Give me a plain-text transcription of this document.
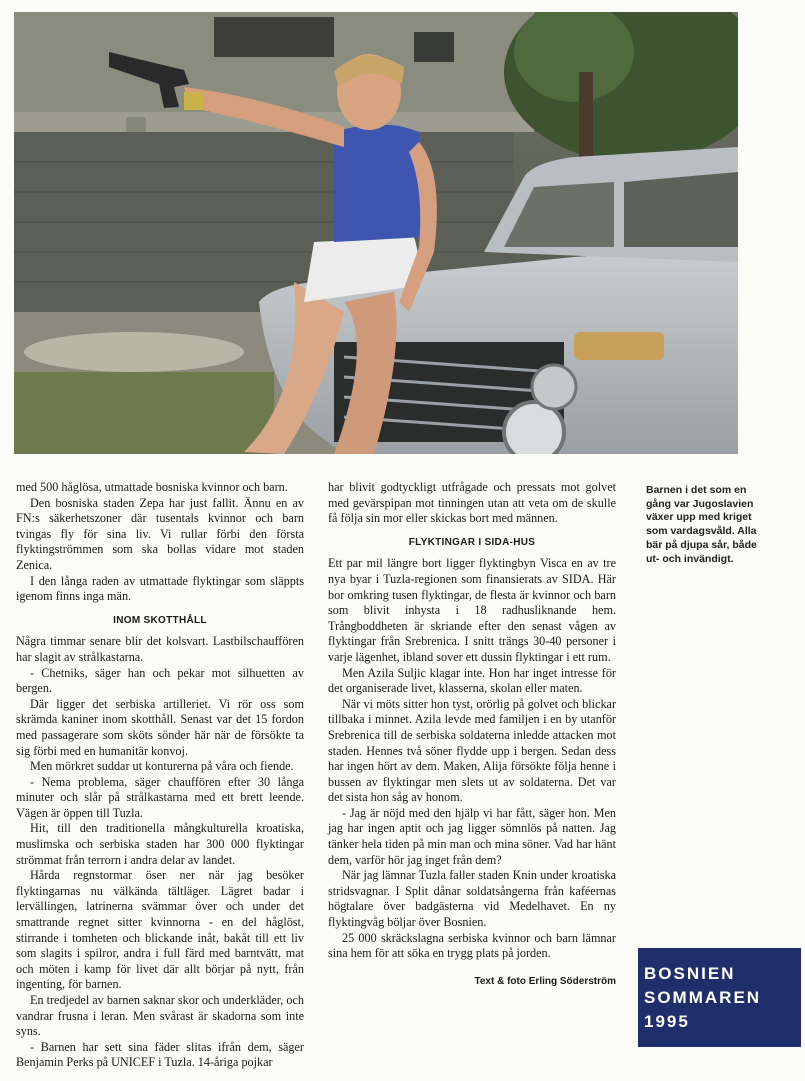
med 500 håglösa, utmattade bosniska kvinnor och barn.

Den bosniska staden Zepa har just fallit. Ännu en av FN:s säkerhetszoner där tusentals kvinnor och barn tvingas fly för sina liv. Vi rullar förbi den första flyktingströmmen som ska bollas vidare mot staden Zenica.

I den långa raden av utmattade flyktingar som släppts igenom finns inga män.

INOM SKOTTHÅLL

Några timmar senare blir det kolsvart. Lastbilschauffören har slagit av strålkastarna.

- Chetniks, säger han och pekar mot silhuetten av bergen.

Där ligger det serbiska artilleriet. Vi rör oss som skrämda kaniner inom skotthåll. Senast var det 15 fordon med passagerare som sköts sönder här när de försökte ta sig förbi med en humanitär konvoj.

Men mörkret suddar ut konturerna på våra och fiende.

- Nema problema, säger chauffören efter 30 långa minuter och slår på strålkastarna med ett brett leende. Vägen är öppen till Tuzla.

Hit, till den traditionella mångkulturella kroatiska, muslimska och serbiska staden har 300 000 flyktingar strömmat från terrorn i andra delar av landet.

Hårda regnstormar öser ner när jag besöker flyktingarnas nu välkända tältläger. Lägret badar i lervällingen, latrinerna svämmar över och under det smattrande regnet sitter kvinnorna - en del håglöst, stirrande i tomheten och blickande inåt, bakåt till ett liv som slagits i spilror, andra i full färd med barntvätt, mat och möten i kamp för livet där allt börjar på nytt, från ingenting, för barnen.

En tredjedel av barnen saknar skor och underkläder, och vandrar frusna i leran. Men svårast är skadorna som inte syns.

- Barnen har sett sina fäder slitas ifrån dem, säger Benjamin Perks på UNICEF i Tuzla. 14-åriga pojkar

har blivit godtyckligt utfrågade och pressats mot golvet med gevärspipan mot tinningen utan att veta om de skulle få följa sin mor eller skickas bort med männen.

FLYKTINGAR I SIDA-HUS

Ett par mil längre bort ligger flyktingbyn Visca en av tre nya byar i Tuzla-regionen som finansierats av SIDA. Här bor omkring tusen flyktingar, de flesta är kvinnor och barn som blivit inhysta i 18 radhusliknande hem. Trångboddheten är skriande efter den senast vågen av flyktingar från Srebrenica. I snitt trängs 30-40 personer i varje lägenhet, ibland sover ett dussin flyktingar i ett rum.

Men Azila Suljic klagar inte. Hon har inget intresse för det organiserade livet, klasserna, skolan eller maten.

När vi möts sitter hon tyst, orörlig på golvet och blickar tillbaka i minnet. Azila levde med familjen i en by utanför Srebrenica till de serbiska soldaterna inledde attacken mot staden. Hennes två söner flydde upp i bergen. Sedan dess har ingen hört av dem. Maken, Alija försökte följa henne i bussen av flyktingar men slets ut av soldaterna. Det var det sista hon såg av honom.

- Jag är nöjd med den hjälp vi har fått, säger hon. Men jag har ingen aptit och jag ligger sömnlös på natten. Jag tänker hela tiden på min man och mina söner. Vad har hänt dem, varför hör jag inget från dem?

När jag lämnar Tuzla faller staden Knin under kroatiska stridsvagnar. I Split dånar soldatsångerna från kaféernas högtalare över badgästerna vid Medelhavet. En ny flyktingvåg böljar över Bosnien.

25 000 skräckslagna serbiska kvinnor och barn lämnar sina hem för att söka en trygg plats på jorden.

Text & foto Erling Söderström
Barnen i det som en gång var Jugoslavien växer upp med kriget som vardagsvåld. Alla bär på djupa sår, både ut- och invändigt.
BOSNIEN
SOMMAREN
1995
